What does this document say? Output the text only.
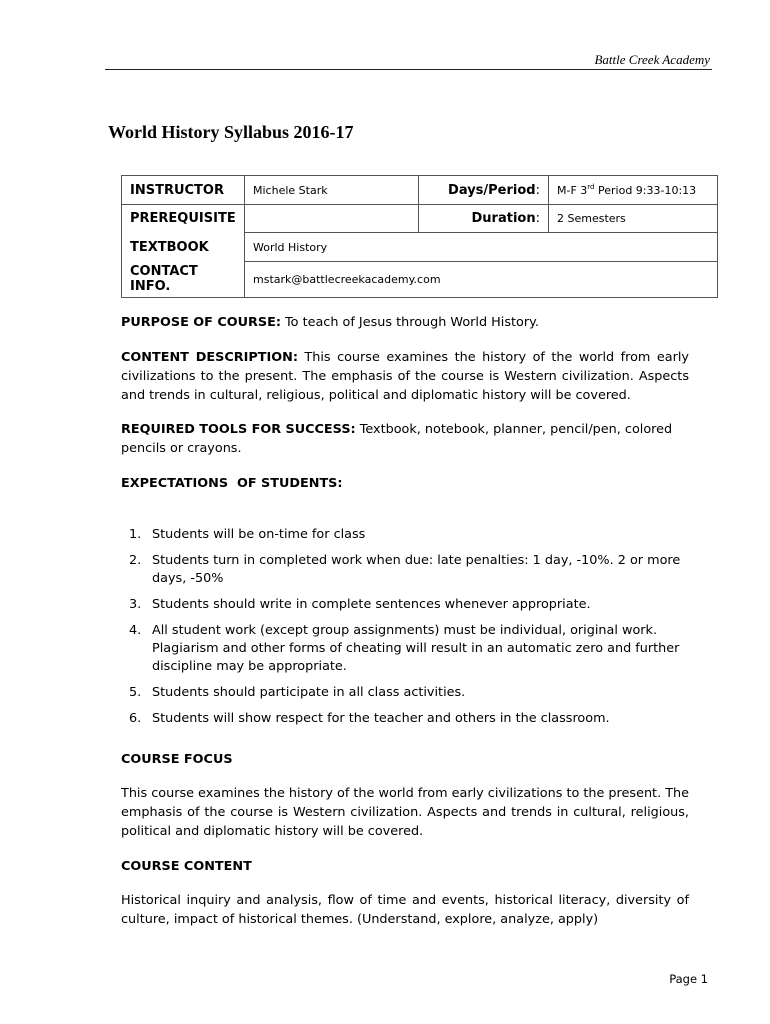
Battle Creek Academy
World History Syllabus 2016-17
INSTRUCTOR	Michele Stark	Days/Period:	M-F 3rd Period 9:33-10:13
PREREQUISITE		Duration:	2 Semesters
TEXTBOOK	World History		
CONTACT INFO.	mstark@battlecreekacademy.com		
PURPOSE OF COURSE: To teach of Jesus through World History.
CONTENT DESCRIPTION: This course examines the history of the world from early civilizations to the present. The emphasis of the course is Western civilization. Aspects and trends in cultural, religious, political and diplomatic history will be covered.
REQUIRED TOOLS FOR SUCCESS: Textbook, notebook, planner, pencil/pen, colored pencils or crayons.
EXPECTATIONS  OF STUDENTS:
1. Students will be on-time for class
2. Students turn in completed work when due: late penalties: 1 day, -10%. 2 or more days, -50%
3. Students should write in complete sentences whenever appropriate.
4. All student work (except group assignments) must be individual, original work. Plagiarism and other forms of cheating will result in an automatic zero and further discipline may be appropriate.
5. Students should participate in all class activities.
6. Students will show respect for the teacher and others in the classroom.
COURSE FOCUS
This course examines the history of the world from early civilizations to the present. The emphasis of the course is Western civilization. Aspects and trends in cultural, religious, political and diplomatic history will be covered.
COURSE CONTENT
Historical inquiry and analysis, flow of time and events, historical literacy, diversity of culture, impact of historical themes. (Understand, explore, analyze, apply)
Page 1
